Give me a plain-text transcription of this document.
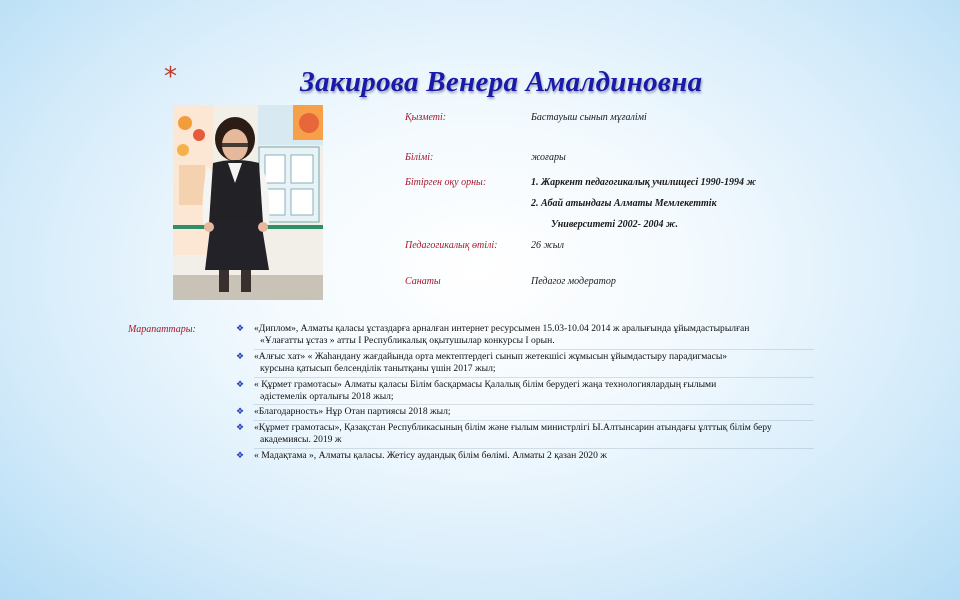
*	Закирова Венера Амалдиновна
Қызметі:	Бастауыш сынып мұғалімі
Білімі:	жоғары
Бітірген оқу орны:	1. Жаркент педагогикалық училищесі 1990-1994 ж
2. Абай атындағы Алматы Мемлекеттік
Университеті 2002- 2004 ж.
Педагогикалық өтілі:	26 жыл
Санаты	Педагог модератор
Марапаттары:	❖ «Диплом», Алматы қаласы ұстаздарға арналған интернет ресурсымен 15.03-10.04 2014 ж аралығында ұйымдастырылған
«Ұлағатты ұстаз » атты І Республикалық оқытушылар конкурсы І орын.
❖ «Алғыс хат» « Жаһандану жағдайында орта мектептердегі сынып жетекшісі жұмысын ұйымдастыру парадигмасы»
курсына қатысып белсенділік танытқаны үшін 2017 жыл;
❖ « Құрмет грамотасы» Алматы қаласы Білім басқармасы Қалалық білім берудегі жаңа технологиялардың ғылыми
әдістемелік орталығы 2018 жыл;
❖ «Благодарность» Нұр Отан партиясы 2018 жыл;
❖ «Құрмет грамотасы», Қазақстан Республикасының білім және ғылым министрлігі Ы.Алтынсарин атындағы ұлттық білім беру
академиясы. 2019 ж
❖ « Мадақтама », Алматы қаласы. Жетісу аудандық білім бөлімі. Алматы 2 қазан 2020 ж
